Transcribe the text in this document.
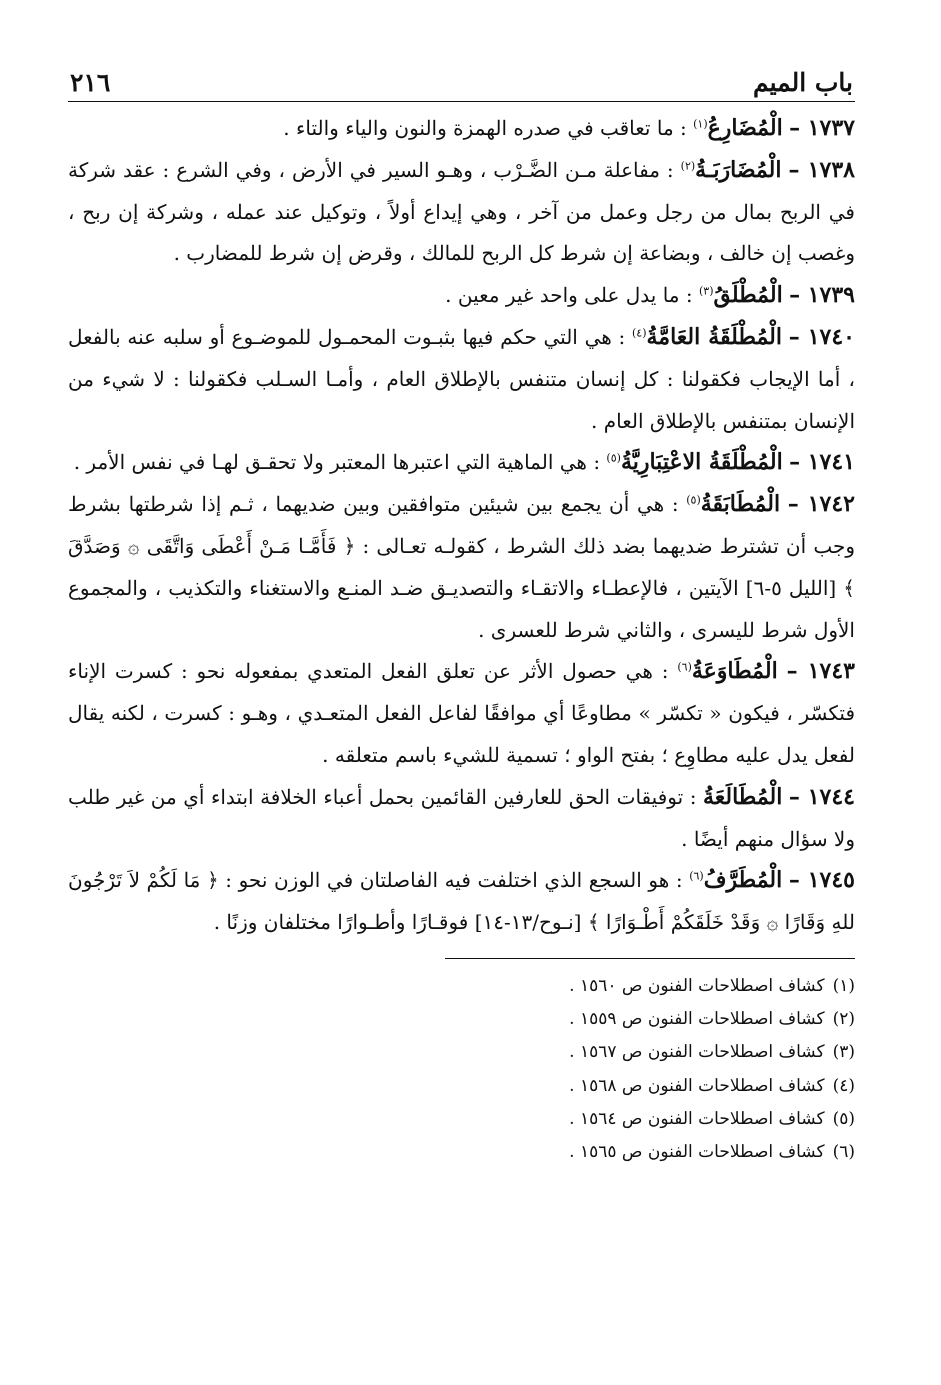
باب الميم
٢١٦

١٧٣٧ – الْمُضَارِعُ$^{(١)}$ : ما تعاقب في صدره الهمزة والنون والياء والتاء .

١٧٣٨ – الْمُضَارَبَـةُ$^{(٢)}$ : مفاعلة مـن الضَّـرْب ، وهـو السير في الأرض ، وفي الشرع : عقد شركة في الربح بمال من رجل وعمل من آخر ، وهي إيداع أولاً ، وتوكيل عند عمله ، وشركة إن ربح ، وغصب إن خالف ، وبضاعة إن شرط كل الربح للمالك ، وقرض إن شرط للمضارب .

١٧٣٩ – الْمُطْلَقُ$^{(٣)}$ : ما يدل على واحد غير معين .

١٧٤٠ – الْمُطْلَقَةُ العَامَّةُ$^{(٤)}$ : هي التي حكم فيها بثبـوت المحمـول للموضـوع أو سلبه عنه بالفعل ، أما الإيجاب فكقولنا : كل إنسان متنفس بالإطلاق العام ، وأمـا السـلب فكقولنا : لا شيء من الإنسان بمتنفس بالإطلاق العام .

١٧٤١ – الْمُطْلَقَةُ الاعْتِبَارِيَّةُ$^{(٥)}$ : هي الماهية التي اعتبرها المعتبر ولا تحقـق لهـا في نفس الأمر .

١٧٤٢ – الْمُطَابَقَةُ$^{(٥)}$ : هي أن يجمع بين شيئين متوافقين وبين ضديهما ، ثـم إذا شرطتها بشرط وجب أن تشترط ضديهما بضد ذلك الشرط ، كقولـه تعـالى : ﴿ فَأَمَّـا مَـنْ أَعْطَى وَاتَّقَى ۞ وَصَدَّقَ ﴾ [الليل ٥-٦] الآيتين ، فالإعطـاء والاتقـاء والتصديـق ضـد المنـع والاستغناء والتكذيب ، والمجموع الأول شرط لليسرى ، والثاني شرط للعسرى .

١٧٤٣ – الْمُطَاوَعَةُ$^{(٦)}$ : هي حصول الأثر عن تعلق الفعل المتعدي بمفعوله نحو : كسرت الإناء فتكسّر ، فيكون « تكسّر » مطاوعًا أي موافقًا لفاعل الفعل المتعـدي ، وهـو : كسرت ، لكنه يقال لفعل يدل عليه مطاوِع ؛ بفتح الواو ؛ تسمية للشيء باسم متعلقه .

١٧٤٤ – الْمُطَالَعَةُ : توفيقات الحق للعارفين القائمين بحمل أعباء الخلافة ابتداء أي من غير طلب ولا سؤال منهم أيضًا .

١٧٤٥ – الْمُطَرَّفُ$^{(٦)}$ : هو السجع الذي اختلفت فيه الفاصلتان في الوزن نحو : ﴿ مَا لَكُمْ لاَ تَرْجُونَ للهِ وَقَارًا ۞ وَقَدْ خَلَقَكُمْ أَطْـوَارًا ﴾ [نـوح/١٣-١٤] فوقـارًا وأطـوارًا مختلفان وزنًا .

(١)كشاف اصطلاحات الفنون ص ١٥٦٠ .
(٢)كشاف اصطلاحات الفنون ص ١٥٥٩ .
(٣)كشاف اصطلاحات الفنون ص ١٥٦٧ .
(٤)كشاف اصطلاحات الفنون ص ١٥٦٨ .
(٥)كشاف اصطلاحات الفنون ص ١٥٦٤ .
(٦)كشاف اصطلاحات الفنون ص ١٥٦٥ .
